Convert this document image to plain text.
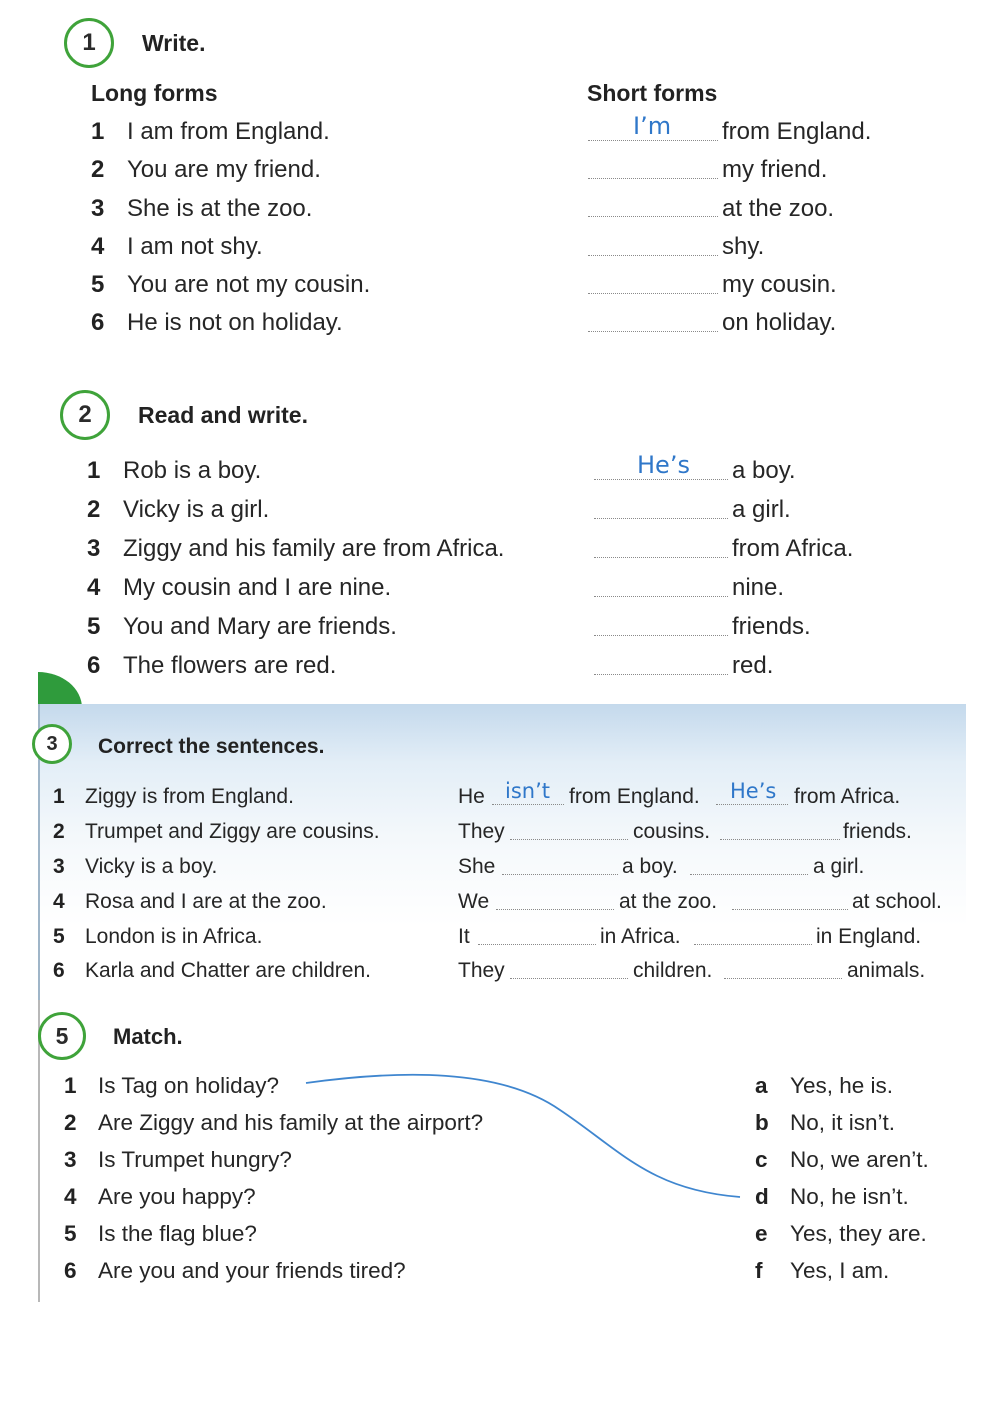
1	Write.
Long forms	Short forms
1 I am from England.	I’m from England.
2 You are my friend.	my friend.
3 She is at the zoo.	at the zoo.
4 I am not shy.	shy.
5 You are not my cousin.	my cousin.
6 He is not on holiday.	on holiday.
2	Read and write.
1 Rob is a boy.	He’s a boy.
2 Vicky is a girl.	a girl.
3 Ziggy and his family are from Africa.	from Africa.
4 My cousin and I are nine.	nine.
5 You and Mary are friends.	friends.
6 The flowers are red.	red.
3	Correct the sentences.
1 Ziggy is from England.	He isn’t from England. He’s from Africa.
2 Trumpet and Ziggy are cousins.	They	cousins.	friends.
3 Vicky is a boy.	She	a boy.	a girl.
4 Rosa and I are at the zoo.	We	at the zoo.	at school.
5 London is in Africa.	It	in Africa.	in England.
6 Karla and Chatter are children.	They	children.	animals.
5	Match.
1 Is Tag on holiday?
2 Are Ziggy and his family at the airport?
3 Is Trumpet hungry?
4 Are you happy?
5 Is the flag blue?
6 Are you and your friends tired?
a Yes, he is.
b No, it isn’t.
c No, we aren’t.
d No, he isn’t.
e Yes, they are.
f Yes, I am.
